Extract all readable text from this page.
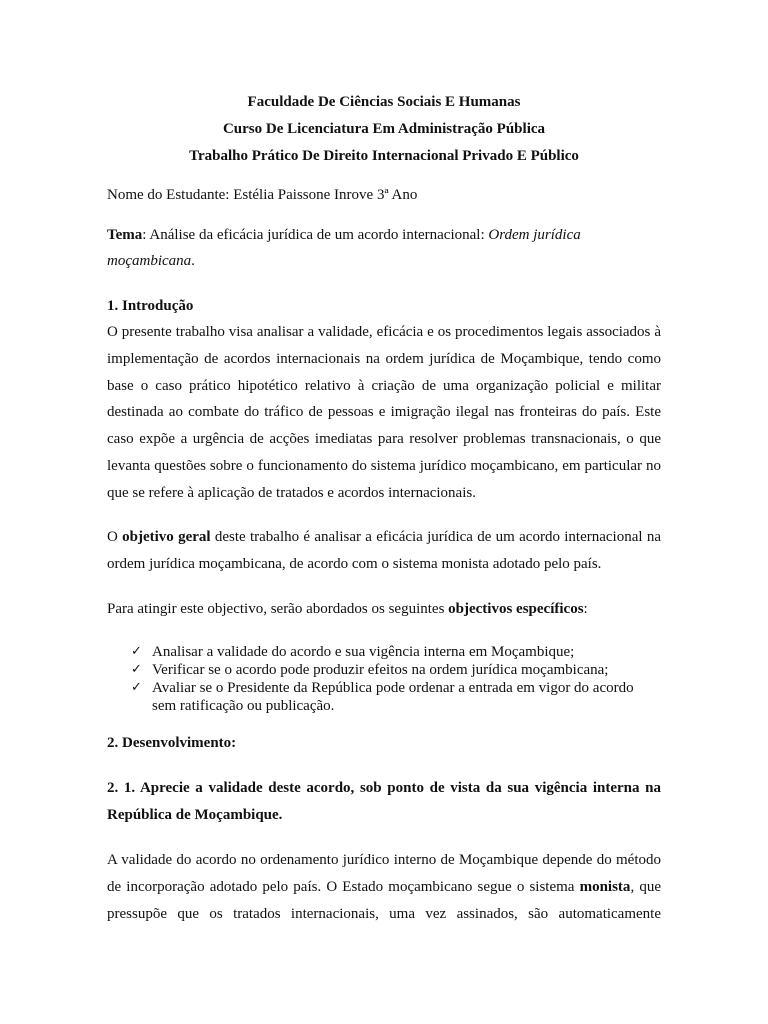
Faculdade De Ciências Sociais E Humanas
Curso De Licenciatura Em Administração Pública
Trabalho Prático De Direito Internacional Privado E Público
Nome do Estudante: Estélia Paissone Inrove 3ª Ano
Tema: Análise da eficácia jurídica de um acordo internacional: Ordem jurídica
moçambicana.
1. Introdução
O presente trabalho visa analisar a validade, eficácia e os procedimentos legais associados à
implementação de acordos internacionais na ordem jurídica de Moçambique, tendo como
base o caso prático hipotético relativo à criação de uma organização policial e militar
destinada ao combate do tráfico de pessoas e imigração ilegal nas fronteiras do país. Este
caso expõe a urgência de acções imediatas para resolver problemas transnacionais, o que
levanta questões sobre o funcionamento do sistema jurídico moçambicano, em particular no
que se refere à aplicação de tratados e acordos internacionais.
O objetivo geral deste trabalho é analisar a eficácia jurídica de um acordo internacional na
ordem jurídica moçambicana, de acordo com o sistema monista adotado pelo país.
Para atingir este objectivo, serão abordados os seguintes objectivos específicos:
✓ Analisar a validade do acordo e sua vigência interna em Moçambique;
✓ Verificar se o acordo pode produzir efeitos na ordem jurídica moçambicana;
✓ Avaliar se o Presidente da República pode ordenar a entrada em vigor do acordo
sem ratificação ou publicação.
2. Desenvolvimento:
2. 1. Aprecie a validade deste acordo, sob ponto de vista da sua vigência interna na
República de Moçambique.
A validade do acordo no ordenamento jurídico interno de Moçambique depende do método
de incorporação adotado pelo país. O Estado moçambicano segue o sistema monista, que
pressupõe que os tratados internacionais, uma vez assinados, são automaticamente
